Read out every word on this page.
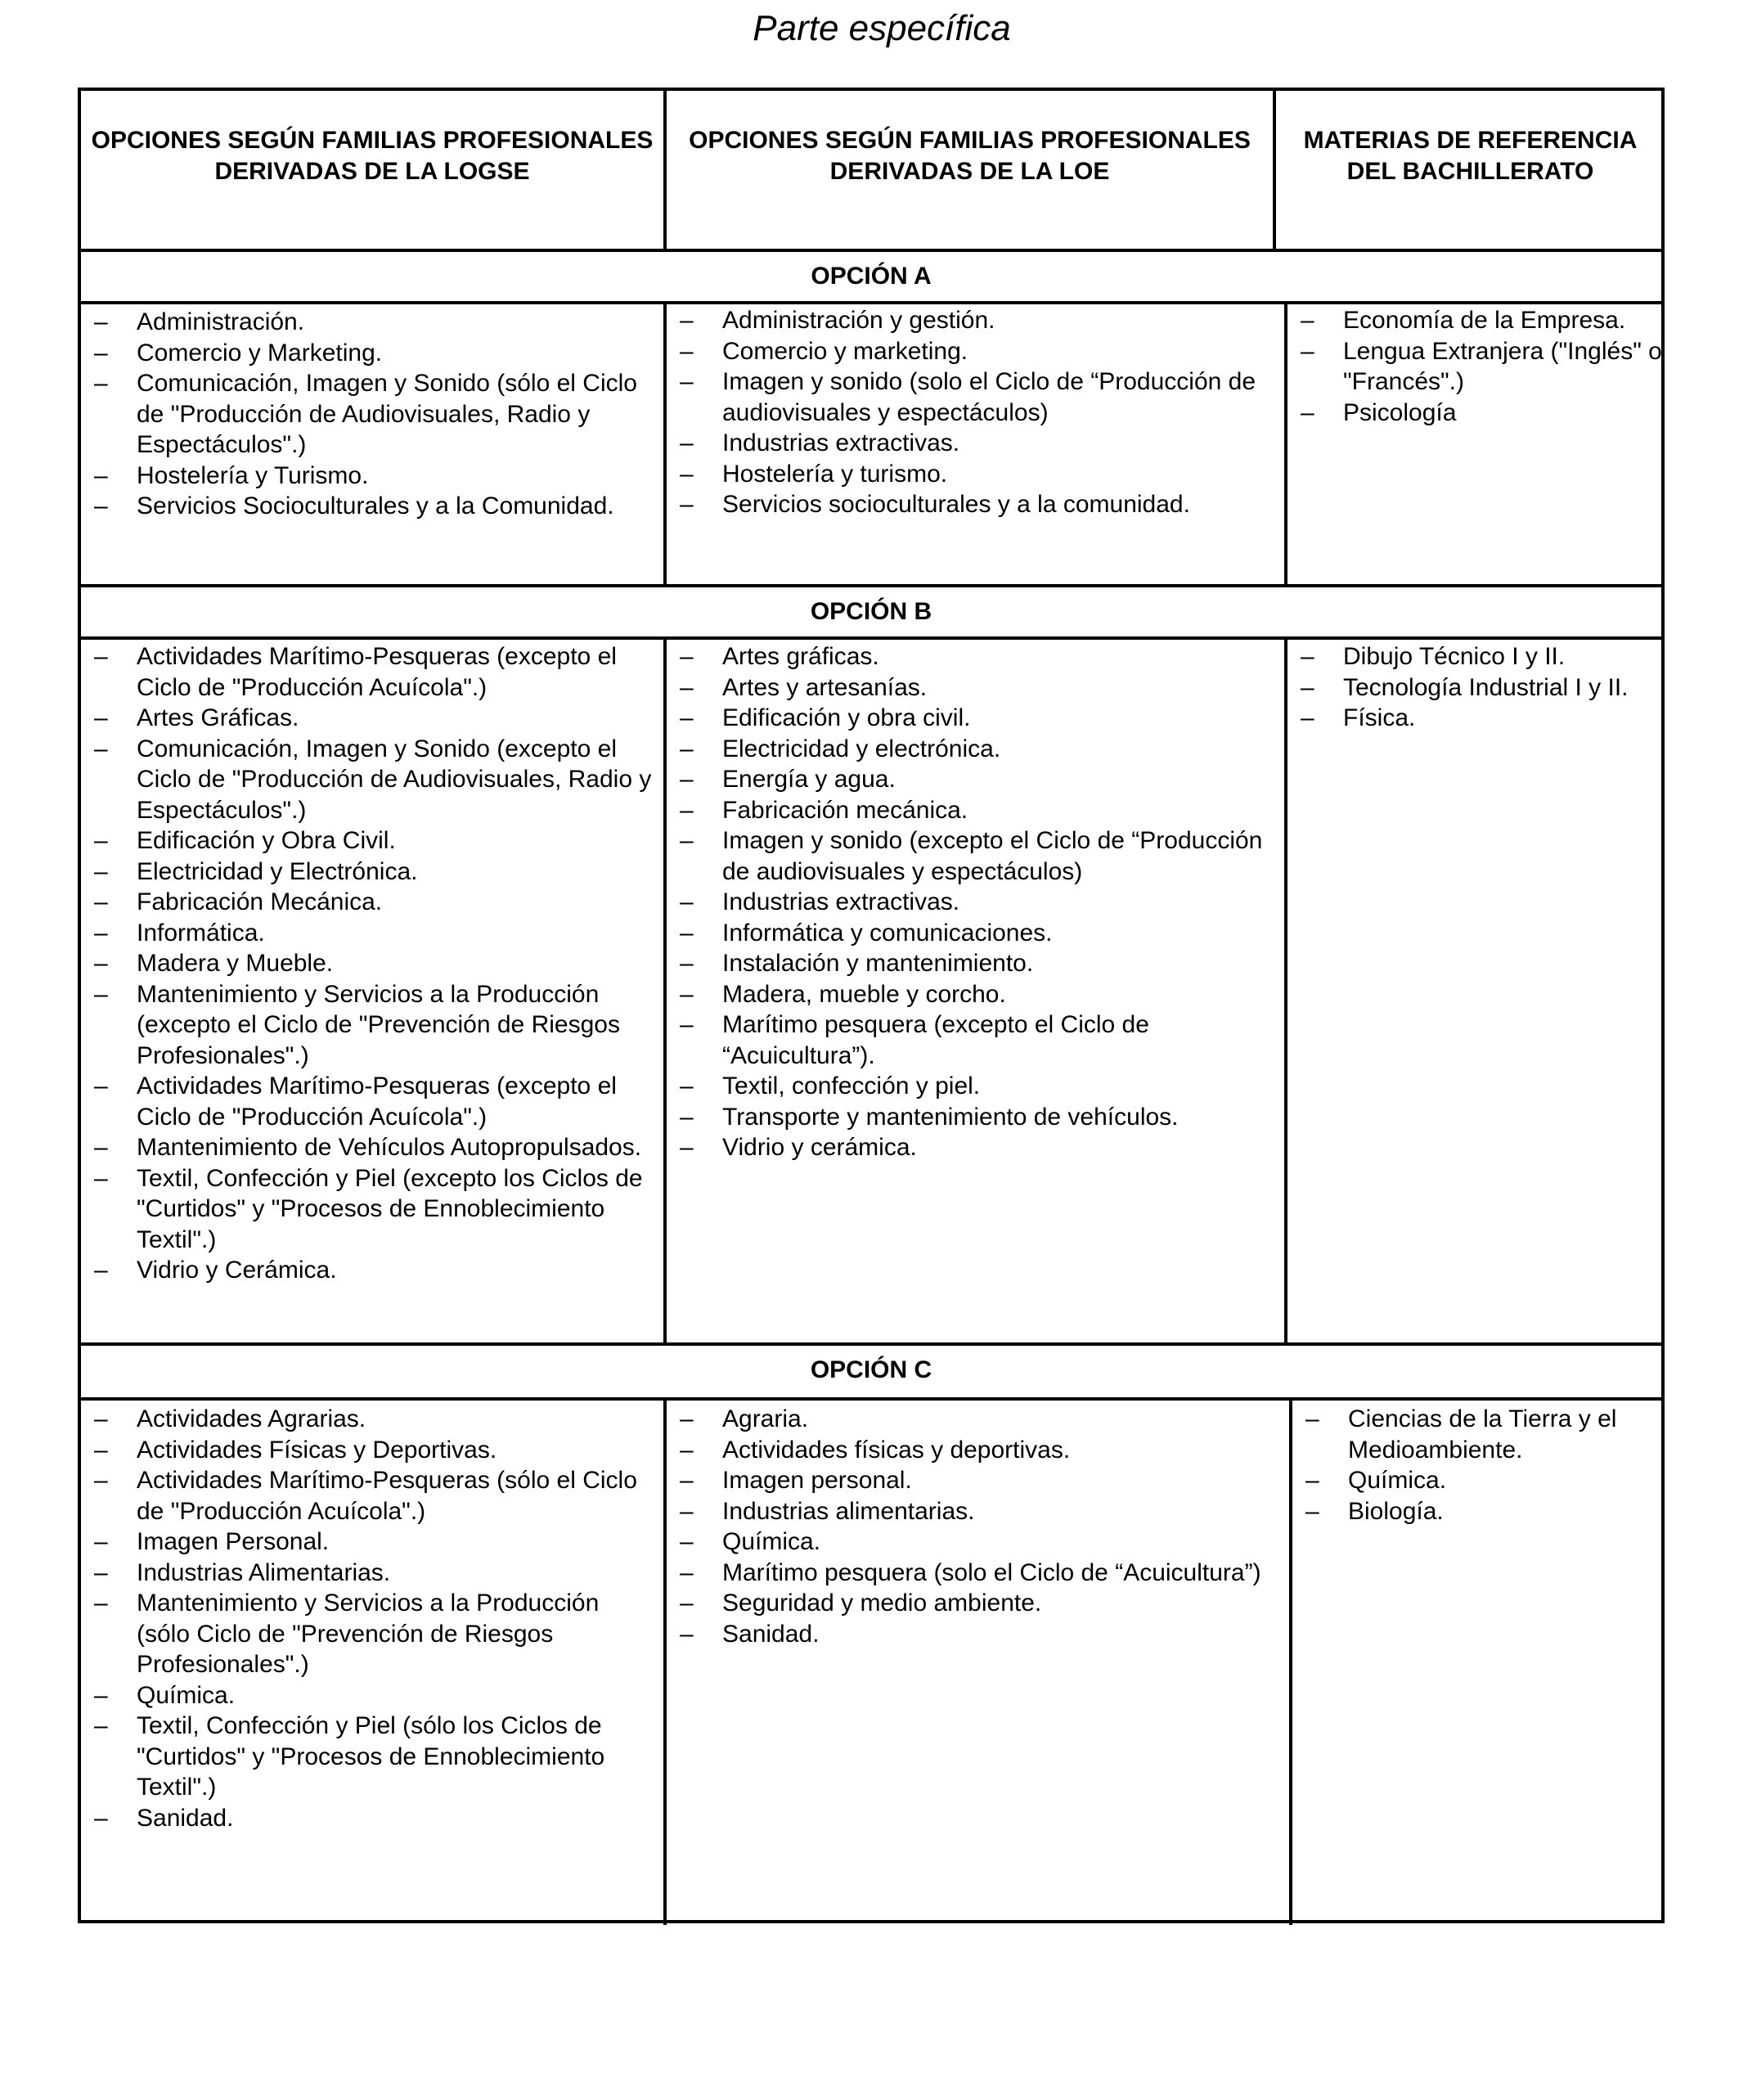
Parte específica
OPCIONES SEGÚN FAMILIAS PROFESIONALES DERIVADAS DE LA LOGSE
OPCIONES SEGÚN FAMILIAS PROFESIONALES DERIVADAS DE LA LOE
MATERIAS DE REFERENCIA DEL BACHILLERATO
OPCIÓN A
OPCIÓN B
OPCIÓN C
– Administración.
– Comercio y Marketing.
– Comunicación, Imagen y Sonido (sólo el Ciclo de "Producción de Audiovisuales, Radio y Espectáculos".)
– Hostelería y Turismo.
– Servicios Socioculturales y a la Comunidad.
– Administración y gestión.
– Comercio y marketing.
– Imagen y sonido (solo el Ciclo de “Producción de audiovisuales y espectáculos)
– Industrias extractivas.
– Hostelería y turismo.
– Servicios socioculturales y a la comunidad.
– Economía de la Empresa.
– Lengua Extranjera ("Inglés" o "Francés".)
– Psicología
– Actividades Marítimo-Pesqueras (excepto el Ciclo de "Producción Acuícola".)
– Artes Gráficas.
– Comunicación, Imagen y Sonido (excepto el Ciclo de "Producción de Audiovisuales, Radio y Espectáculos".)
– Edificación y Obra Civil.
– Electricidad y Electrónica.
– Fabricación Mecánica.
– Informática.
– Madera y Mueble.
– Mantenimiento y Servicios a la Producción (excepto el Ciclo de "Prevención de Riesgos Profesionales".)
– Actividades Marítimo-Pesqueras (excepto el Ciclo de "Producción Acuícola".)
– Mantenimiento de Vehículos Autopropulsados.
– Textil, Confección y Piel (excepto los Ciclos de "Curtidos" y "Procesos de Ennoblecimiento Textil".)
– Vidrio y Cerámica.
– Artes gráficas.
– Artes y artesanías.
– Edificación y obra civil.
– Electricidad y electrónica.
– Energía y agua.
– Fabricación mecánica.
– Imagen y sonido (excepto el Ciclo de “Producción de audiovisuales y espectáculos)
– Industrias extractivas.
– Informática y comunicaciones.
– Instalación y mantenimiento.
– Madera, mueble y corcho.
– Marítimo pesquera (excepto el Ciclo de “Acuicultura”).
– Textil, confección y piel.
– Transporte y mantenimiento de vehículos.
– Vidrio y cerámica.
– Dibujo Técnico I y II.
– Tecnología Industrial I y II.
– Física.
– Actividades Agrarias.
– Actividades Físicas y Deportivas.
– Actividades Marítimo-Pesqueras (sólo el Ciclo de "Producción Acuícola".)
– Imagen Personal.
– Industrias Alimentarias.
– Mantenimiento y Servicios a la Producción (sólo Ciclo de "Prevención de Riesgos Profesionales".)
– Química.
– Textil, Confección y Piel (sólo los Ciclos de "Curtidos" y "Procesos de Ennoblecimiento Textil".)
– Sanidad.
– Agraria.
– Actividades físicas y deportivas.
– Imagen personal.
– Industrias alimentarias.
– Química.
– Marítimo pesquera (solo el Ciclo de “Acuicultura”)
– Seguridad y medio ambiente.
– Sanidad.
– Ciencias de la Tierra y el Medioambiente.
– Química.
– Biología.
